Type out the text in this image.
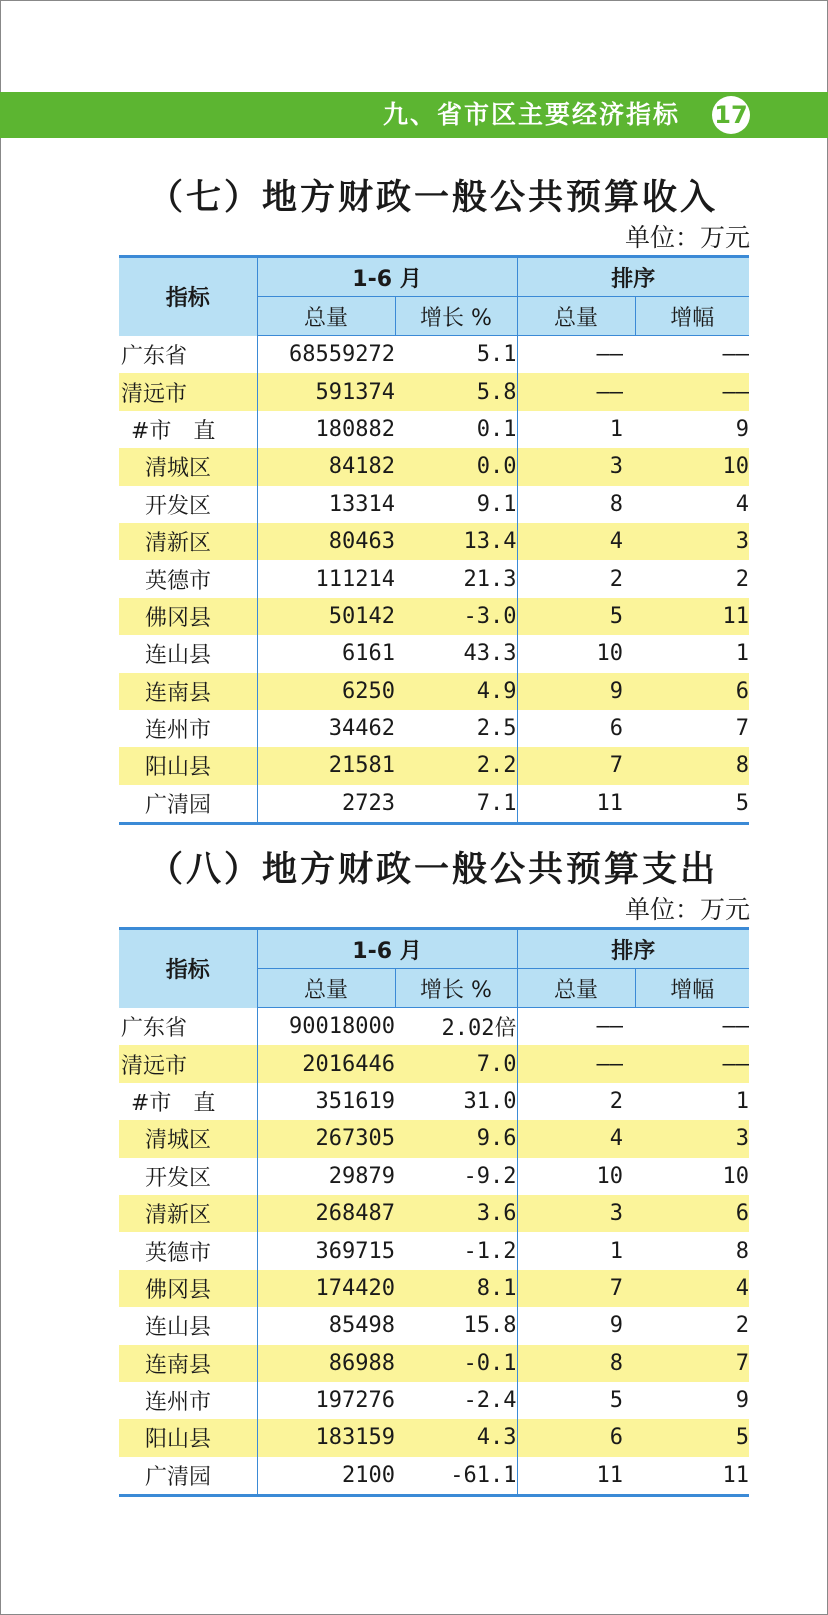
九、省市区主要经济指标 17
（七）地方财政一般公共预算收入
单位：万元
指标	1-6 月		排序	
	总量	增长 %	总量	增幅
广东省	68559272	5.1	——	——
清远市	591374	5.8	——	——
#市　直	180882	0.1	1	9
清城区	84182	0.0	3	10
开发区	13314	9.1	8	4
清新区	80463	13.4	4	3
英德市	111214	21.3	2	2
佛冈县	50142	-3.0	5	11
连山县	6161	43.3	10	1
连南县	6250	4.9	9	6
连州市	34462	2.5	6	7
阳山县	21581	2.2	7	8
广清园	2723	7.1	11	5
（八）地方财政一般公共预算支出
单位：万元
指标	1-6 月		排序	
	总量	增长 %	总量	增幅
广东省	90018000	2.02倍	——	——
清远市	2016446	7.0	——	——
#市　直	351619	31.0	2	1
清城区	267305	9.6	4	3
开发区	29879	-9.2	10	10
清新区	268487	3.6	3	6
英德市	369715	-1.2	1	8
佛冈县	174420	8.1	7	4
连山县	85498	15.8	9	2
连南县	86988	-0.1	8	7
连州市	197276	-2.4	5	9
阳山县	183159	4.3	6	5
广清园	2100	-61.1	11	11
